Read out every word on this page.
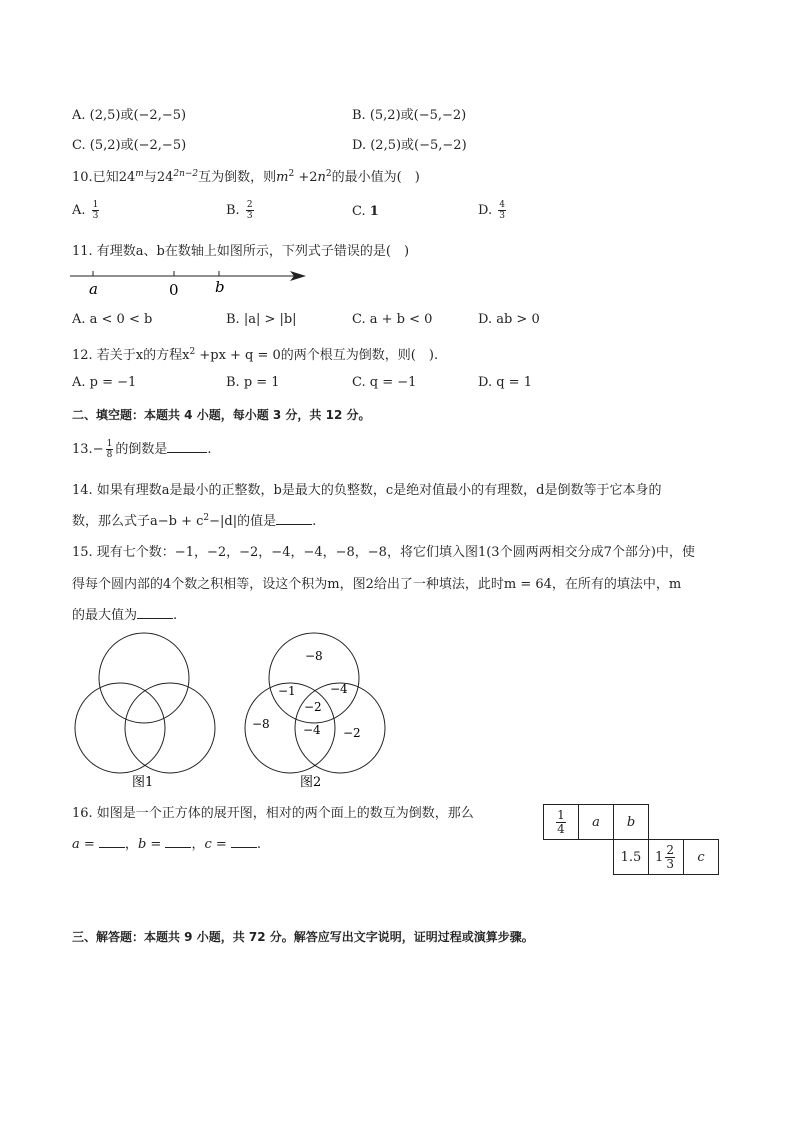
A. (2,5)或(−2,−5)	B. (5,2)或(−5,−2)
C. (5,2)或(−2,−5)	D. (2,5)或(−5,−2)
10.已知24$^m$与$24^{2n-2}$互为倒数，则$m^2 +2n^2$的最小值为(　)
A. $\frac{1}{3}$	B. $\frac{2}{3}$	C. 1	D. $\frac{4}{3}$
11. 有理数a、b在数轴上如图所示，下列式子错误的是(　)
a	0 b
A. a < 0 < b	B. |a| > |b|	C. a + b < 0	D. ab > 0
12. 若关于x的方程$x^2 +px + q = 0$的两个根互为倒数，则(　).
A. p = −1	B. p = 1	C. q = −1	D. q = 1
二、填空题：本题共 4 小题，每小题 3 分，共 12 分。
$13.- \frac{1}{8}$ 的倒数是	.
14. 如果有理数a是最小的正整数，b是最大的负整数，c是绝对值最小的有理数，d是倒数等于它本身的
数，那么式子$a-b + c^2-|d|$的值是	.
15. 现有七个数：−1，−2，−2，−4，−4，−8，−8，将它们填入图1(3个圆两两相交分成7个部分)中，使
得每个圆内部的4个数之积相等，设这个积为m，图2给出了一种填法，此时m = 64，在所有的填法中，m
的最大值为	.
图1
−8
−1	−4
−2
−8	−4 −2
图2
16. 如图是一个正方体的展开图，相对的两个面上的数互为倒数，那么
a = ，b = ，c = .
$\frac{1}{4}$	a	b
1.5	$1 \frac{2}{3}$	c
三、解答题：本题共 9 小题，共 72 分。解答应写出文字说明，证明过程或演算步骤。
